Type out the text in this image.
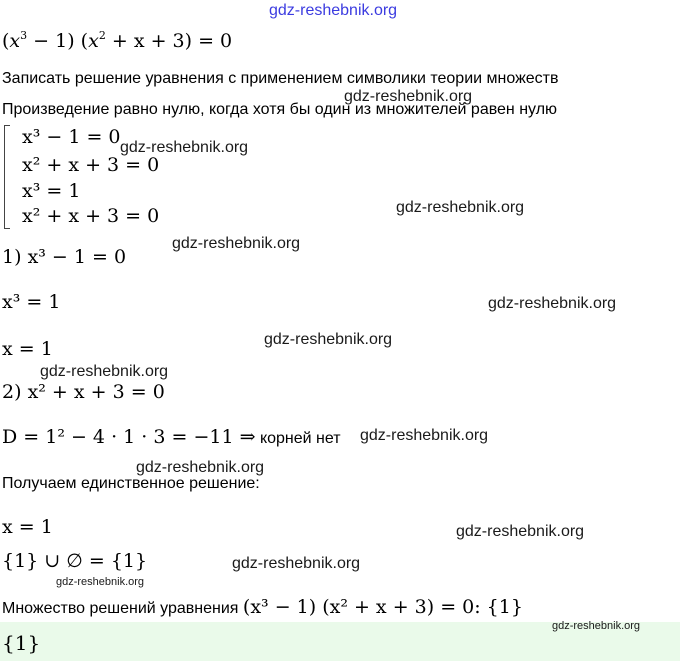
gdz-reshebnik.org
$(x^3 - 1) (x^2 + x + 3) = 0$
Записать решение уравнения с применением символики теории множеств
gdz-reshebnik.org
Произведение равно нулю, когда хотя бы один из множителей равен нулю
x³ − 1 = 0
x² + x + 3 = 0
x³ = 1
x² + x + 3 = 0
gdz-reshebnik.org
gdz-reshebnik.org
gdz-reshebnik.org
1) x³ − 1 = 0
x³ = 1	gdz-reshebnik.org
gdz-reshebnik.org
x = 1
gdz-reshebnik.org
2) x² + x + 3 = 0
D = 1² − 4 · 1 · 3 = −11 ⇒ корней нет gdz-reshebnik.org
gdz-reshebnik.org
Получаем единственное решение:
x = 1	gdz-reshebnik.org
{1} ∪ ∅ = {1}	gdz-reshebnik.org
gdz-reshebnik.org
Множество решений уравнения (x³ − 1) (x² + x + 3) = 0: {1}
gdz-reshebnik.org
{1}
